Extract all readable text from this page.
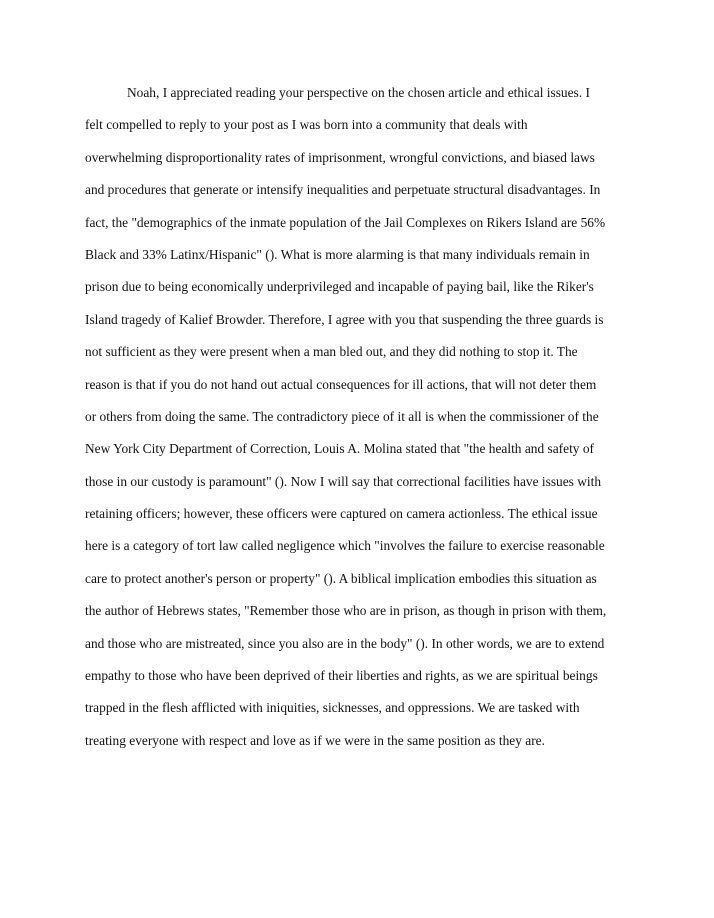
Noah, I appreciated reading your perspective on the chosen article and ethical issues. I
felt compelled to reply to your post as I was born into a community that deals with
overwhelming disproportionality rates of imprisonment, wrongful convictions, and biased laws
and procedures that generate or intensify inequalities and perpetuate structural disadvantages. In
fact, the "demographics of the inmate population of the Jail Complexes on Rikers Island are 56%
Black and 33% Latinx/Hispanic" (). What is more alarming is that many individuals remain in
prison due to being economically underprivileged and incapable of paying bail, like the Riker's
Island tragedy of Kalief Browder. Therefore, I agree with you that suspending the three guards is
not sufficient as they were present when a man bled out, and they did nothing to stop it. The
reason is that if you do not hand out actual consequences for ill actions, that will not deter them
or others from doing the same. The contradictory piece of it all is when the commissioner of the
New York City Department of Correction, Louis A. Molina stated that "the health and safety of
those in our custody is paramount" (). Now I will say that correctional facilities have issues with
retaining officers; however, these officers were captured on camera actionless. The ethical issue
here is a category of tort law called negligence which "involves the failure to exercise reasonable
care to protect another's person or property" (). A biblical implication embodies this situation as
the author of Hebrews states, "Remember those who are in prison, as though in prison with them,
and those who are mistreated, since you also are in the body" (). In other words, we are to extend
empathy to those who have been deprived of their liberties and rights, as we are spiritual beings
trapped in the flesh afflicted with iniquities, sicknesses, and oppressions. We are tasked with
treating everyone with respect and love as if we were in the same position as they are.
